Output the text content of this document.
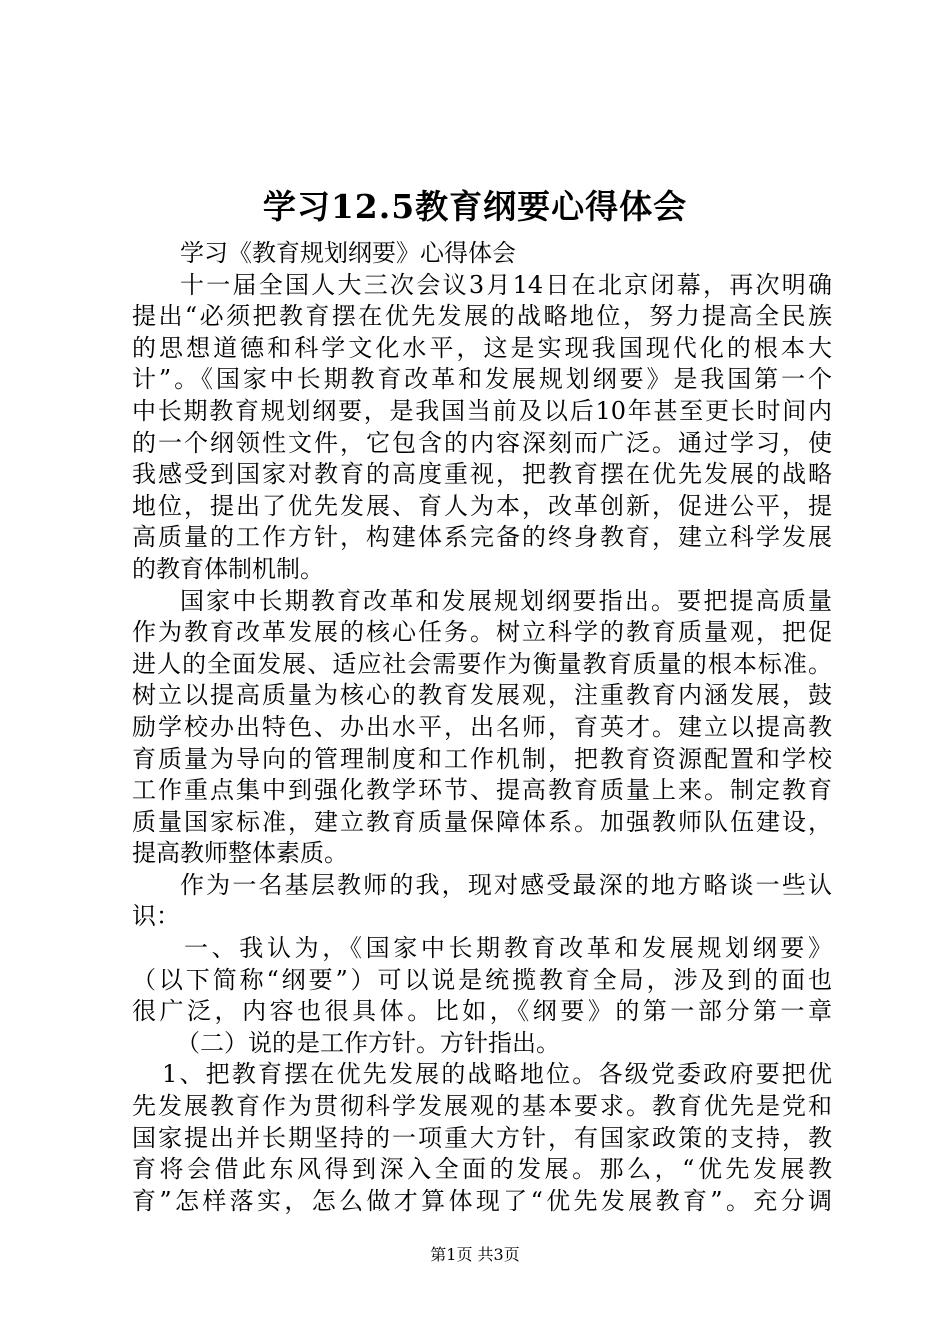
学习12.5教育纲要心得体会
学习《教育规划纲要》心得体会
十一届全国人大三次会议3月14日在北京闭幕，再次明确
提出“必须把教育摆在优先发展的战略地位，努力提高全民族
的思想道德和科学文化水平，这是实现我国现代化的根本大
计”。《国家中长期教育改革和发展规划纲要》是我国第一个
中长期教育规划纲要，是我国当前及以后10年甚至更长时间内
的一个纲领性文件，它包含的内容深刻而广泛。通过学习，使
我感受到国家对教育的高度重视，把教育摆在优先发展的战略
地位，提出了优先发展、育人为本，改革创新，促进公平，提
高质量的工作方针，构建体系完备的终身教育，建立科学发展
的教育体制机制。
国家中长期教育改革和发展规划纲要指出。要把提高质量
作为教育改革发展的核心任务。树立科学的教育质量观，把促
进人的全面发展、适应社会需要作为衡量教育质量的根本标准。
树立以提高质量为核心的教育发展观，注重教育内涵发展，鼓
励学校办出特色、办出水平，出名师，育英才。建立以提高教
育质量为导向的管理制度和工作机制，把教育资源配置和学校
工作重点集中到强化教学环节、提高教育质量上来。制定教育
质量国家标准，建立教育质量保障体系。加强教师队伍建设，
提高教师整体素质。
作为一名基层教师的我，现对感受最深的地方略谈一些认
识：
一、我认为，《国家中长期教育改革和发展规划纲要》
（以下简称“纲要”）可以说是统揽教育全局，涉及到的面也
很广泛，内容也很具体。比如，《纲要》的第一部分第一章
（二）说的是工作方针。方针指出。
1、把教育摆在优先发展的战略地位。各级党委政府要把优
先发展教育作为贯彻科学发展观的基本要求。教育优先是党和
国家提出并长期坚持的一项重大方针，有国家政策的支持，教
育将会借此东风得到深入全面的发展。那么，“优先发展教
育”怎样落实，怎么做才算体现了“优先发展教育”。充分调
第1页 共3页
